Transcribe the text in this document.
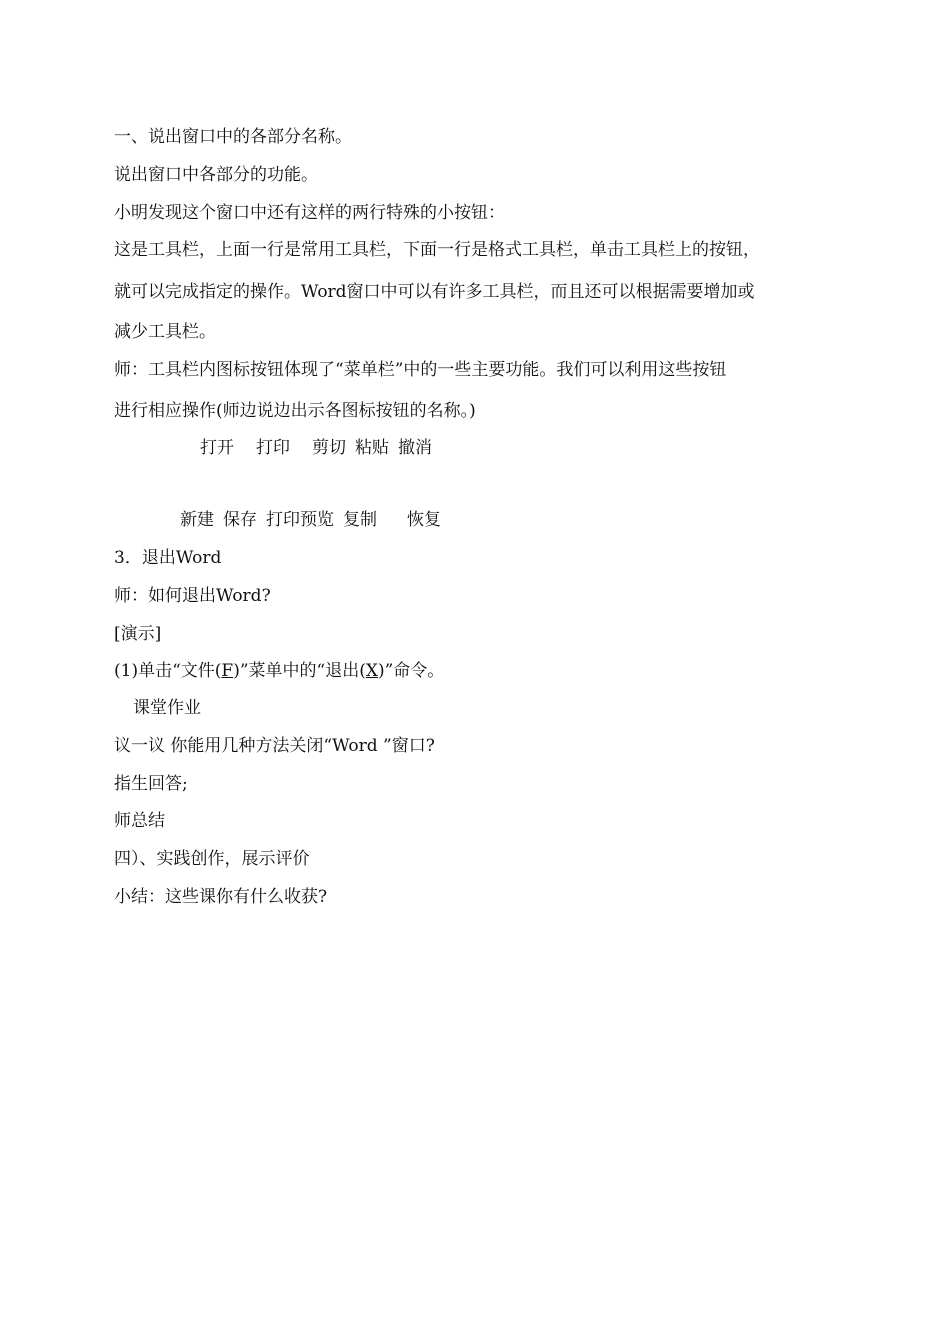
一、说出窗口中的各部分名称。
说出窗口中各部分的功能。
小明发现这个窗口中还有这样的两行特殊的小按钮：
这是工具栏，上面一行是常用工具栏，下面一行是格式工具栏，单击工具栏上的按钮，
就可以完成指定的操作。Word窗口中可以有许多工具栏，而且还可以根据需要增加或
减少工具栏。
师：工具栏内图标按钮体现了“菜单栏”中的一些主要功能。我们可以利用这些按钮
进行相应操作(师边说边出示各图标按钮的名称。)
打开 打印 剪切 粘贴 撤消
新建 保存 打印预览 复制 恢复
3．退出Word
师：如何退出Word?
[演示]
(1)单击“文件(F)”菜单中的“退出(X)”命令。
课堂作业
议一议 你能用几种方法关闭“Word ”窗口?
指生回答;
师总结
四）、实践创作，展示评价
小结：这些课你有什么收获?
